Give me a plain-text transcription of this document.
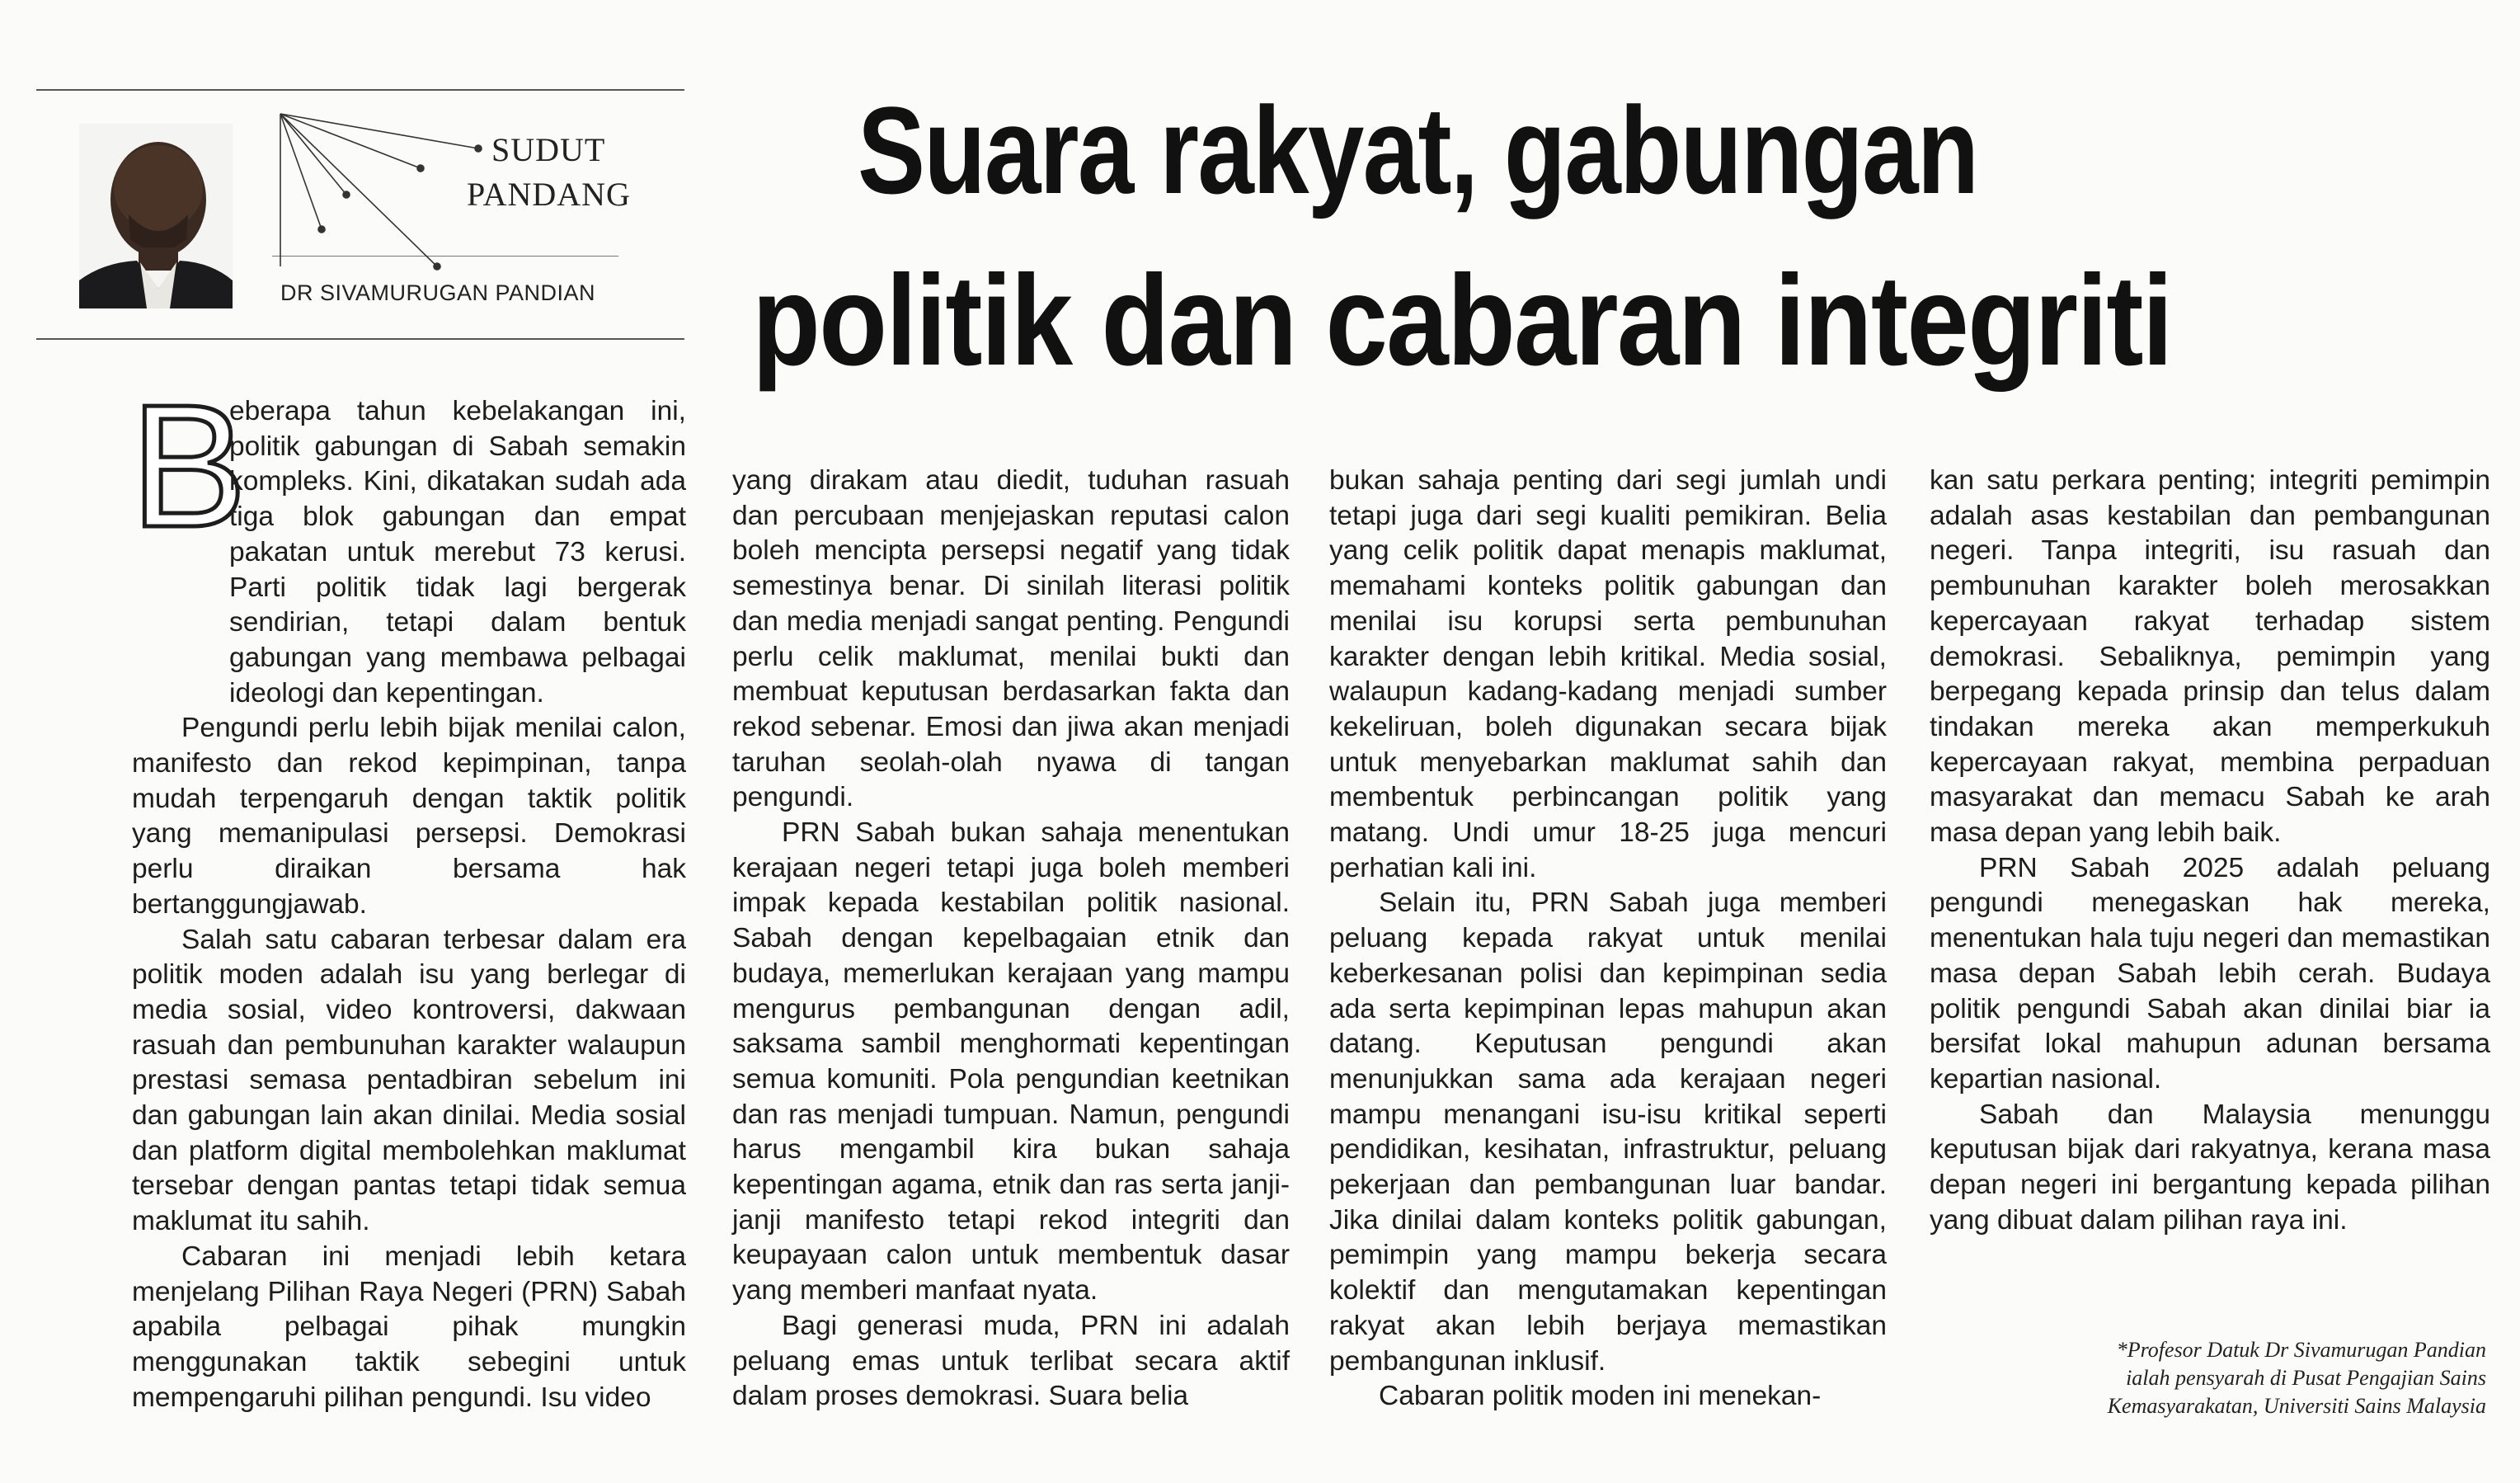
SUDUT
PANDANG
DR SIVAMURUGAN PANDIAN
Suara rakyat, gabungan
politik dan cabaran integriti
B

eberapa tahun kebelakangan ini, politik gabungan di Sabah semakin kompleks. Kini, dikatakan sudah ada tiga blok gabungan dan empat pakatan untuk merebut 73 kerusi. Parti politik tidak lagi bergerak sendirian, tetapi dalam bentuk gabungan yang membawa pelbagai ideologi dan kepentingan.

Pengundi perlu lebih bijak menilai calon, manifesto dan rekod kepimpinan, tanpa mudah terpengaruh dengan taktik politik yang memanipulasi persepsi. Demokrasi perlu diraikan bersama hak bertanggungjawab.

Salah satu cabaran terbesar dalam era politik moden adalah isu yang berlegar di media sosial, video kontroversi, dakwaan rasuah dan pembunuhan karakter walaupun prestasi semasa pentadbiran sebelum ini dan gabungan lain akan dinilai. Media sosial dan platform digital membolehkan maklumat tersebar dengan pantas tetapi tidak semua maklumat itu sahih.

Cabaran ini menjadi lebih ketara menjelang Pilihan Raya Negeri (PRN) Sabah apabila pelbagai pihak mungkin menggunakan taktik sebegini untuk mempengaruhi pilihan pengundi. Isu video

yang dirakam atau diedit, tuduhan rasuah dan percubaan menjejaskan reputasi calon boleh mencipta persepsi negatif yang tidak semestinya benar. Di sinilah literasi politik dan media menjadi sangat penting. Pengundi perlu celik maklumat, menilai bukti dan membuat keputusan berdasarkan fakta dan rekod sebenar. Emosi dan jiwa akan menjadi taruhan seolah-olah nyawa di tangan pengundi.

PRN Sabah bukan sahaja menentukan kerajaan negeri tetapi juga boleh memberi impak kepada kestabilan politik nasional. Sabah dengan kepelbagaian etnik dan budaya, memerlukan kerajaan yang mampu mengurus pembangunan dengan adil, saksama sambil menghormati kepentingan semua komuniti. Pola pengundian keetnikan dan ras menjadi tumpuan. Namun, pengundi harus mengambil kira bukan sahaja kepentingan agama, etnik dan ras serta janji-janji manifesto tetapi rekod integriti dan keupayaan calon untuk membentuk dasar yang memberi manfaat nyata.

Bagi generasi muda, PRN ini adalah peluang emas untuk terlibat secara aktif dalam proses demokrasi. Suara belia

bukan sahaja penting dari segi jumlah undi tetapi juga dari segi kualiti pemikiran. Belia yang celik politik dapat menapis maklumat, memahami konteks politik gabungan dan menilai isu korupsi serta pembunuhan karakter dengan lebih kritikal. Media sosial, walaupun kadang-kadang menjadi sumber kekeliruan, boleh digunakan secara bijak untuk menyebarkan maklumat sahih dan membentuk perbincangan politik yang matang. Undi umur 18-25 juga mencuri perhatian kali ini.

Selain itu, PRN Sabah juga memberi peluang kepada rakyat untuk menilai keberkesanan polisi dan kepimpinan sedia ada serta kepimpinan lepas mahupun akan datang. Keputusan pengundi akan menunjukkan sama ada kerajaan negeri mampu menangani isu-isu kritikal seperti pendidikan, kesihatan, infrastruktur, peluang pekerjaan dan pembangunan luar bandar. Jika dinilai dalam konteks politik gabungan, pemimpin yang mampu bekerja secara kolektif dan mengutamakan kepentingan rakyat akan lebih berjaya memastikan pembangunan inklusif.

Cabaran politik moden ini menekan-

kan satu perkara penting; integriti pemimpin adalah asas kestabilan dan pembangunan negeri. Tanpa integriti, isu rasuah dan pembunuhan karakter boleh merosakkan kepercayaan rakyat terhadap sistem demokrasi. Sebaliknya, pemimpin yang berpegang kepada prinsip dan telus dalam tindakan mereka akan memperkukuh kepercayaan rakyat, membina perpaduan masyarakat dan memacu Sabah ke arah masa depan yang lebih baik.

PRN Sabah 2025 adalah peluang pengundi menegaskan hak mereka, menentukan hala tuju negeri dan memastikan masa depan Sabah lebih cerah. Budaya politik pengundi Sabah akan dinilai biar ia bersifat lokal mahupun adunan bersama kepartian nasional.

Sabah dan Malaysia menunggu keputusan bijak dari rakyatnya, kerana masa depan negeri ini bergantung kepada pilihan yang dibuat dalam pilihan raya ini.

*Profesor Datuk Dr Sivamurugan Pandian
ialah pensyarah di Pusat Pengajian Sains
Kemasyarakatan, Universiti Sains Malaysia
